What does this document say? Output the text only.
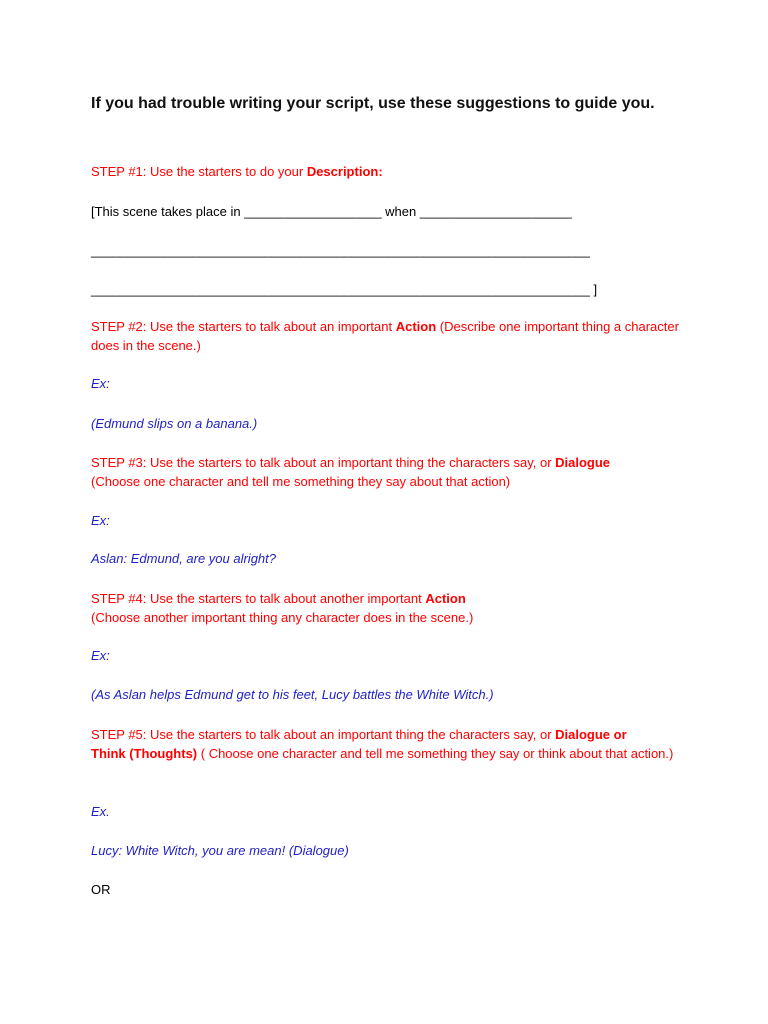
If you had trouble writing your script, use these suggestions to guide you.

STEP #1: Use the starters to do your Description:

[This scene takes place in ___________________ when _____________________

_____________________________________________________________________

_____________________________________________________________________ ]

STEP #2: Use the starters to talk about an important Action (Describe one important thing a character does in the scene.)

Ex:

(Edmund slips on a banana.)

STEP #3: Use the starters to talk about an important thing the characters say, or Dialogue
(Choose one character and tell me something they say about that action)

Ex:

Aslan: Edmund, are you alright?

STEP #4: Use the starters to talk about another important Action
(Choose another important thing any character does in the scene.)

Ex:

(As Aslan helps Edmund get to his feet, Lucy battles the White Witch.)

STEP #5: Use the starters to talk about an important thing the characters say, or Dialogue or
Think (Thoughts) ( Choose one character and tell me something they say or think about that action.)

Ex.

Lucy: White Witch, you are mean! (Dialogue)

OR
